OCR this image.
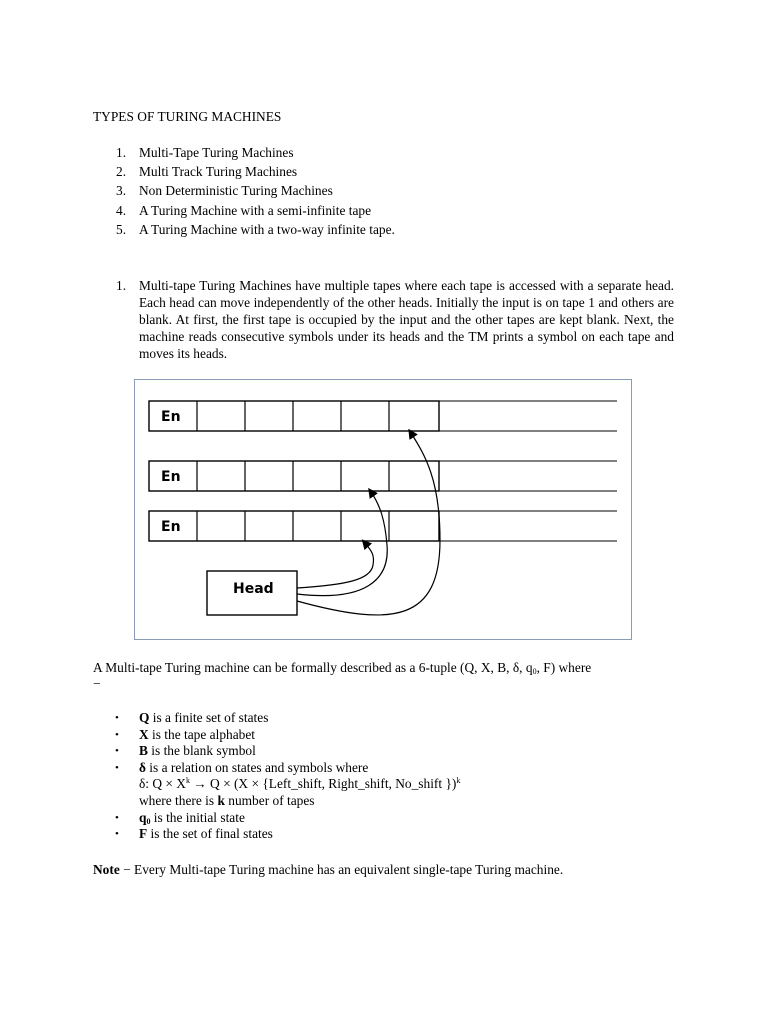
TYPES OF TURING MACHINES
1. Multi-Tape Turing Machines
2. Multi Track Turing Machines
3. Non Deterministic Turing Machines
4. A Turing Machine with a semi-infinite tape
5. A Turing Machine with a two-way infinite tape.
1. Multi-tape Turing Machines have multiple tapes where each tape is accessed with a separate head. Each head can move independently of the other heads. Initially the input is on tape 1 and others are blank. At first, the first tape is occupied by the input and the other tapes are kept blank. Next, the machine reads consecutive symbols under its heads and the TM prints a symbol on each tape and moves its heads.
En
En
En
Head
A Multi-tape Turing machine can be formally described as a 6-tuple (Q, X, B, δ, $q_0$, F) where
−
• Q is a finite set of states
• X is the tape alphabet
• B is the blank symbol
• δ is a relation on states and symbols where
δ: $Q \times X^k \to Q \times (X$ × {Left_shift, Right_shift, No_shift })$^k$
where there is k number of tapes
• $q_0$ is the initial state
• F is the set of final states
Note − Every Multi-tape Turing machine has an equivalent single-tape Turing machine.
